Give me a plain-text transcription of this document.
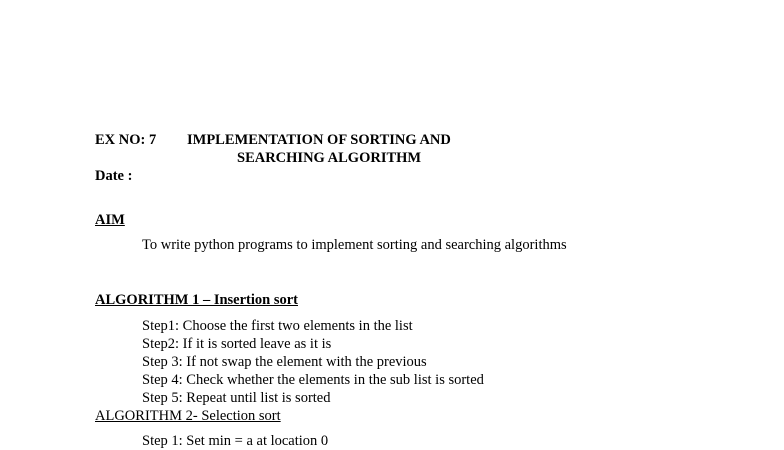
EX NO: 7 IMPLEMENTATION OF SORTING AND
SEARCHING ALGORITHM
Date :
AIM
To write python programs to implement sorting and searching algorithms
ALGORITHM 1 – Insertion sort
Step1: Choose the first two elements in the list
Step2: If it is sorted leave as it is
Step 3: If not swap the element with the previous
Step 4: Check whether the elements in the sub list is sorted
Step 5: Repeat until list is sorted
ALGORITHM 2- Selection sort
Step 1: Set min = a at location 0
